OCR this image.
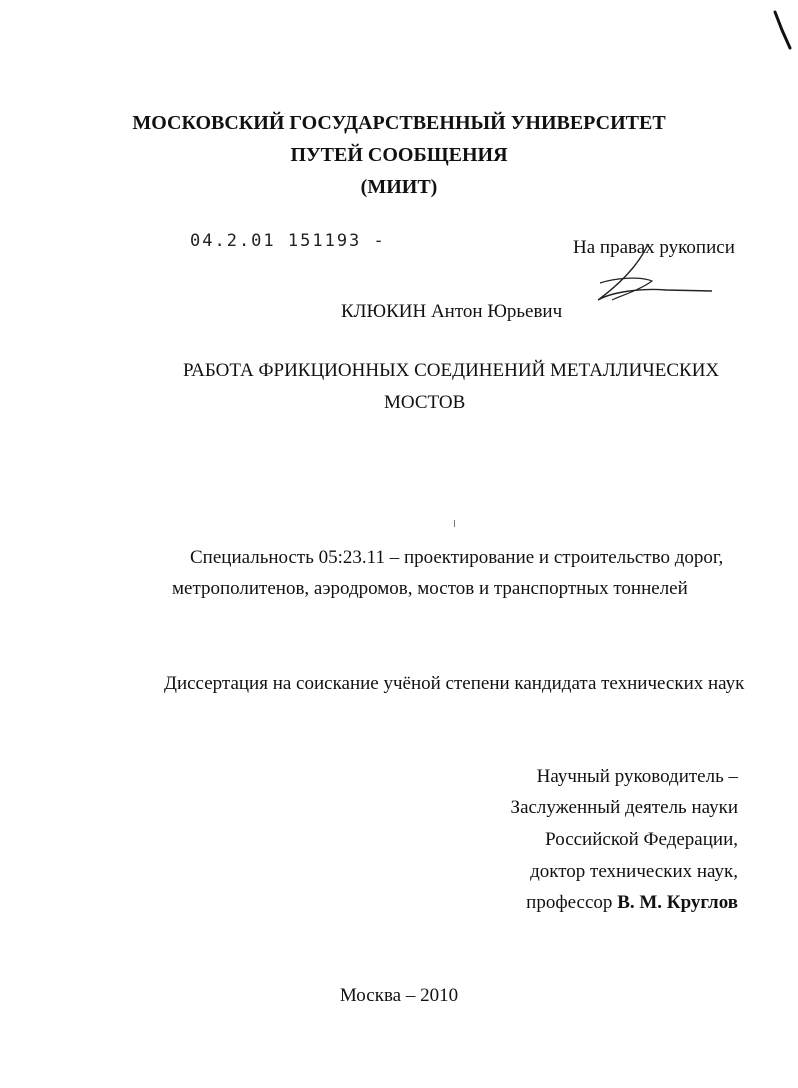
МОСКОВСКИЙ ГОСУДАРСТВЕННЫЙ УНИВЕРСИТЕТ
ПУТЕЙ СООБЩЕНИЯ
(МИИТ)
04.2.01 151193 -	На правах рукописи
КЛЮКИН Антон Юрьевич
РАБОТА ФРИКЦИОННЫХ СОЕДИНЕНИЙ МЕТАЛЛИЧЕСКИХ
МОСТОВ
Специальность 05:23.11 – проектирование и строительство дорог,
метрополитенов, аэродромов, мостов и транспортных тоннелей
Диссертация на соискание учёной степени кандидата технических наук
Научный руководитель –
Заслуженный деятель науки
Российской Федерации,
доктор технических наук,
профессор В. М. Круглов
Москва – 2010
